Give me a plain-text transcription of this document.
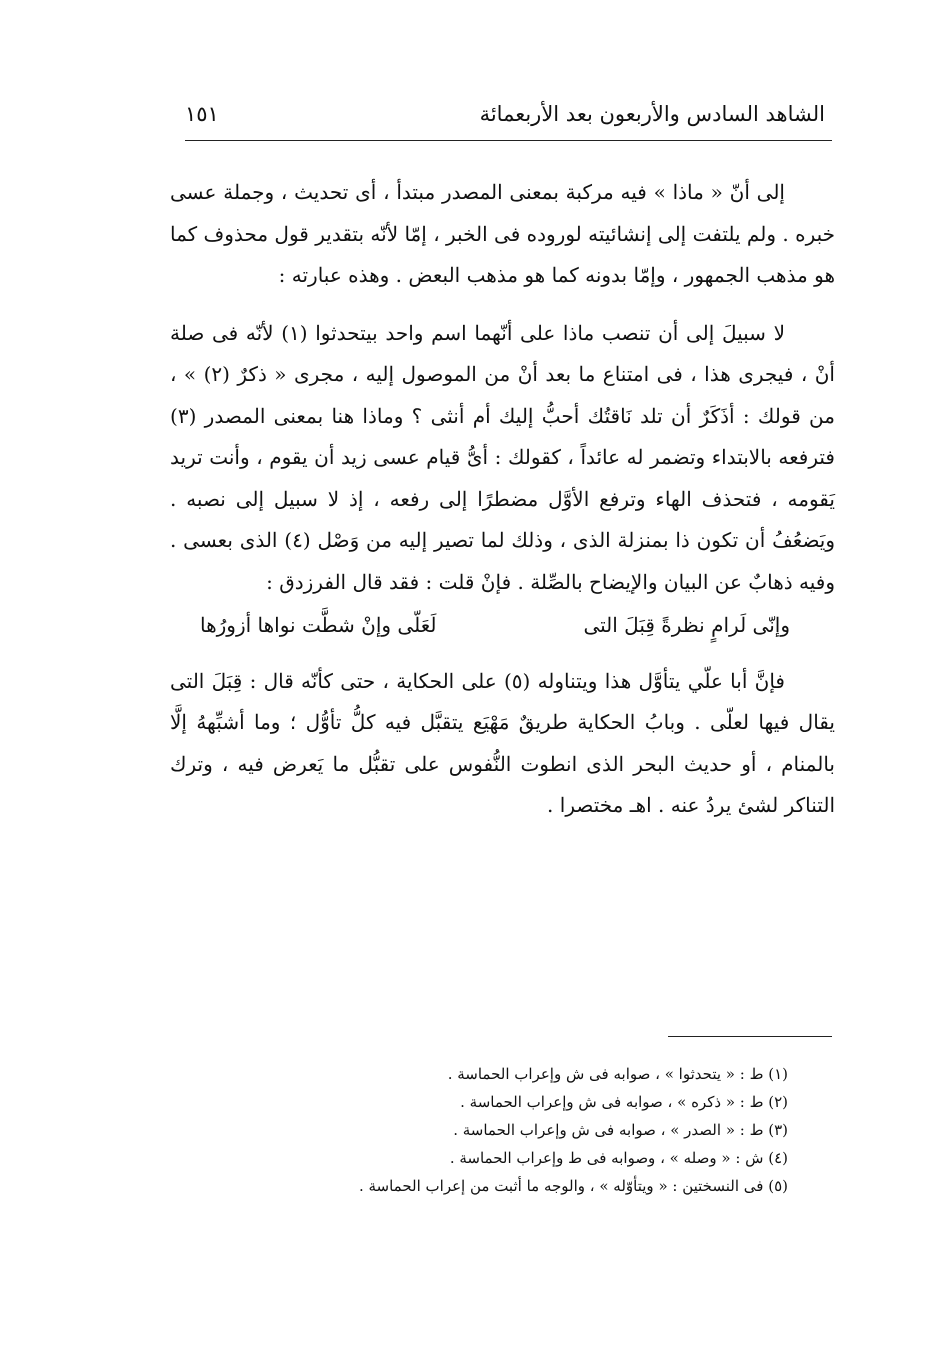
١٥١	الشاهد السادس والأربعون بعد الأربعمائة

إلى أنّ « ماذا » فيه مركبة بمعنى المصدر مبتدأ ، أى تحديث ، وجملة عسى خبره . ولم يلتفت إلى إنشائيته لوروده فى الخبر ، إمّا لأنّه بتقدير قول محذوف كما هو مذهب الجمهور ، وإمّا بدونه كما هو مذهب البعض . وهذه عبارته :

لا سبيلَ إلى أن تنصب ماذا على أنّهما اسم واحد بيتحدثوا (١) لأنّه فى صلة أنْ ، فيجرى هذا ، فى امتناع ما بعد أنْ من الموصول إليه ، مجرى « ذكرٌ (٢) » ، من قولك : أذَكَرٌ أن تلد نَاقتُك أحبُّ إليك أم أنثى ؟ وماذا هنا بمعنى المصدر (٣) فترفعه بالابتداء وتضمر له عائداً ، كقولك : أىُّ قيام عسى زيد أن يقوم ، وأنت تريد يَقومه ، فتحذف الهاء وترفع الأوَّل مضطرًا إلى رفعه ، إذ لا سبيل إلى نصبه . ويَضعُفُ أن تكون ذا بمنزلة الذى ، وذلك لما تصير إليه من وَصْل (٤) الذى بعسى . وفيه ذهابٌ عن البيان والإيضاح بالصِّلة . فإنْ قلت : فقد قال الفرزدق :

وإنّى لَرامٍ نظرةً قِبَلَ التى
لَعَلّى وإنْ شطَّت نواها أزورُها

فإنَّ أبا علّي يتأوَّل هذا ويتناوله (٥) على الحكاية ، حتى كأنّه قال : قِبَلَ التى يقال فيها لعلّى . وبابُ الحكاية طريقٌ مَهْيَع يتقبَّل فيه كلُّ تأوُّل ؛ وما أشبِّههُ إلَّا بالمنام ، أو حديث البحر الذى انطوت النُّفوس على تقبُّل ما يَعرض فيه ، وترك التناكر لشئ يردُ عنه . اهـ مختصرا .

(١) ط : « يتحدثوا » ، صوابه فى ش وإعراب الحماسة .
(٢) ط : « ذكره » ، صوابه فى ش وإعراب الحماسة .
(٣) ط : « الصدر » ، صوابه فى ش وإعراب الحماسة .
(٤) ش : « وصله » ، وصوابه فى ط وإعراب الحماسة .
(٥) فى النسختين : « ويتأوّله » ، والوجه ما أثبت من إعراب الحماسة .
